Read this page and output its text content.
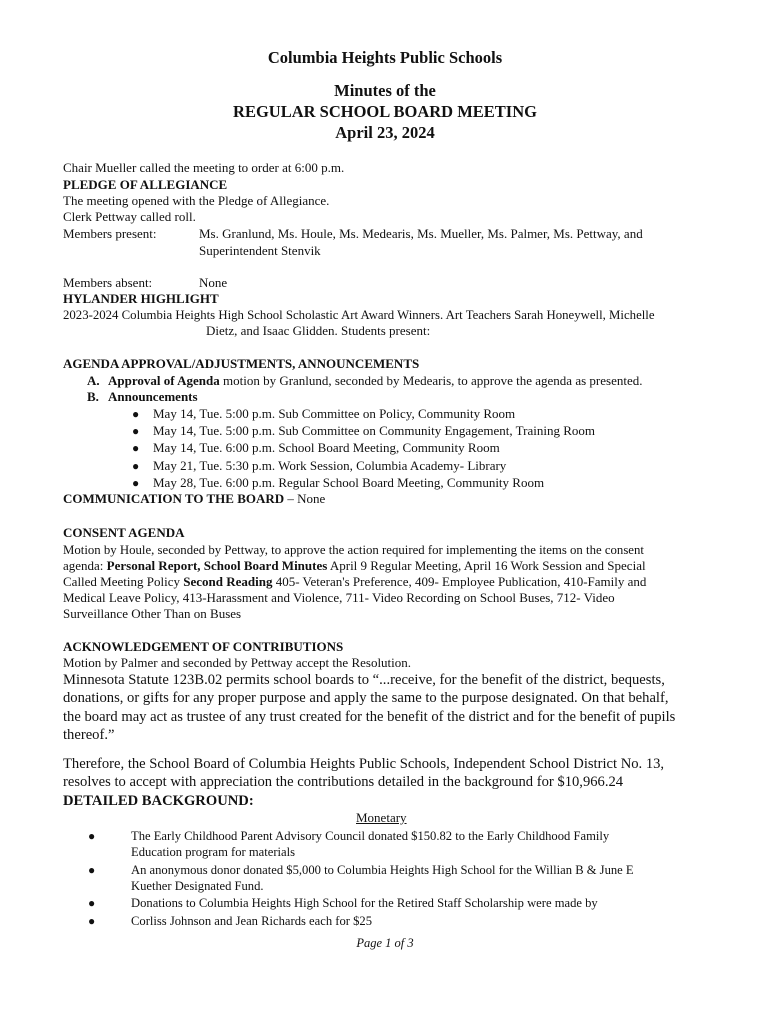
Columbia Heights Public Schools
Minutes of the
REGULAR SCHOOL BOARD MEETING
April 23, 2024
Chair Mueller called the meeting to order at 6:00 p.m.
PLEDGE OF ALLEGIANCE
The meeting opened with the Pledge of Allegiance.
Clerk Pettway called roll.
Members present:	Ms. Granlund, Ms. Houle, Ms. Medearis, Ms. Mueller, Ms. Palmer, Ms. Pettway, and
Superintendent Stenvik
Members absent:	None
HYLANDER HIGHLIGHT
2023-2024 Columbia Heights High School Scholastic Art Award Winners. Art Teachers Sarah Honeywell, Michelle
Dietz, and Isaac Glidden. Students present:
AGENDA APPROVAL/ADJUSTMENTS, ANNOUNCEMENTS
A. Approval of Agenda motion by Granlund, seconded by Medearis, to approve the agenda as presented.
B. Announcements
● May 14, Tue. 5:00 p.m. Sub Committee on Policy, Community Room
● May 14, Tue. 5:00 p.m. Sub Committee on Community Engagement, Training Room
● May 14, Tue. 6:00 p.m. School Board Meeting, Community Room
● May 21, Tue. 5:30 p.m. Work Session, Columbia Academy- Library
● May 28, Tue. 6:00 p.m. Regular School Board Meeting, Community Room
COMMUNICATION TO THE BOARD – None
CONSENT AGENDA
Motion by Houle, seconded by Pettway, to approve the action required for implementing the items on the consent
agenda: Personal Report, School Board Minutes April 9 Regular Meeting, April 16 Work Session and Special
Called Meeting Policy Second Reading 405- Veteran's Preference, 409- Employee Publication, 410-Family and
Medical Leave Policy, 413-Harassment and Violence, 711- Video Recording on School Buses, 712- Video
Surveillance Other Than on Buses
ACKNOWLEDGEMENT OF CONTRIBUTIONS
Motion by Palmer and seconded by Pettway accept the Resolution.
Minnesota Statute 123B.02 permits school boards to “...receive, for the benefit of the district, bequests,
donations, or gifts for any proper purpose and apply the same to the purpose designated. On that behalf,
the board may act as trustee of any trust created for the benefit of the district and for the benefit of pupils
thereof.”
Therefore, the School Board of Columbia Heights Public Schools, Independent School District No. 13,
resolves to accept with appreciation the contributions detailed in the background for $10,966.24
DETAILED BACKGROUND:
Monetary
●	The Early Childhood Parent Advisory Council donated $150.82 to the Early Childhood Family
Education program for materials
●	An anonymous donor donated $5,000 to Columbia Heights High School for the Willian B & June E
Kuether Designated Fund.
●	Donations to Columbia Heights High School for the Retired Staff Scholarship were made by
●	Corliss Johnson and Jean Richards each for $25
Page 1 of 3
